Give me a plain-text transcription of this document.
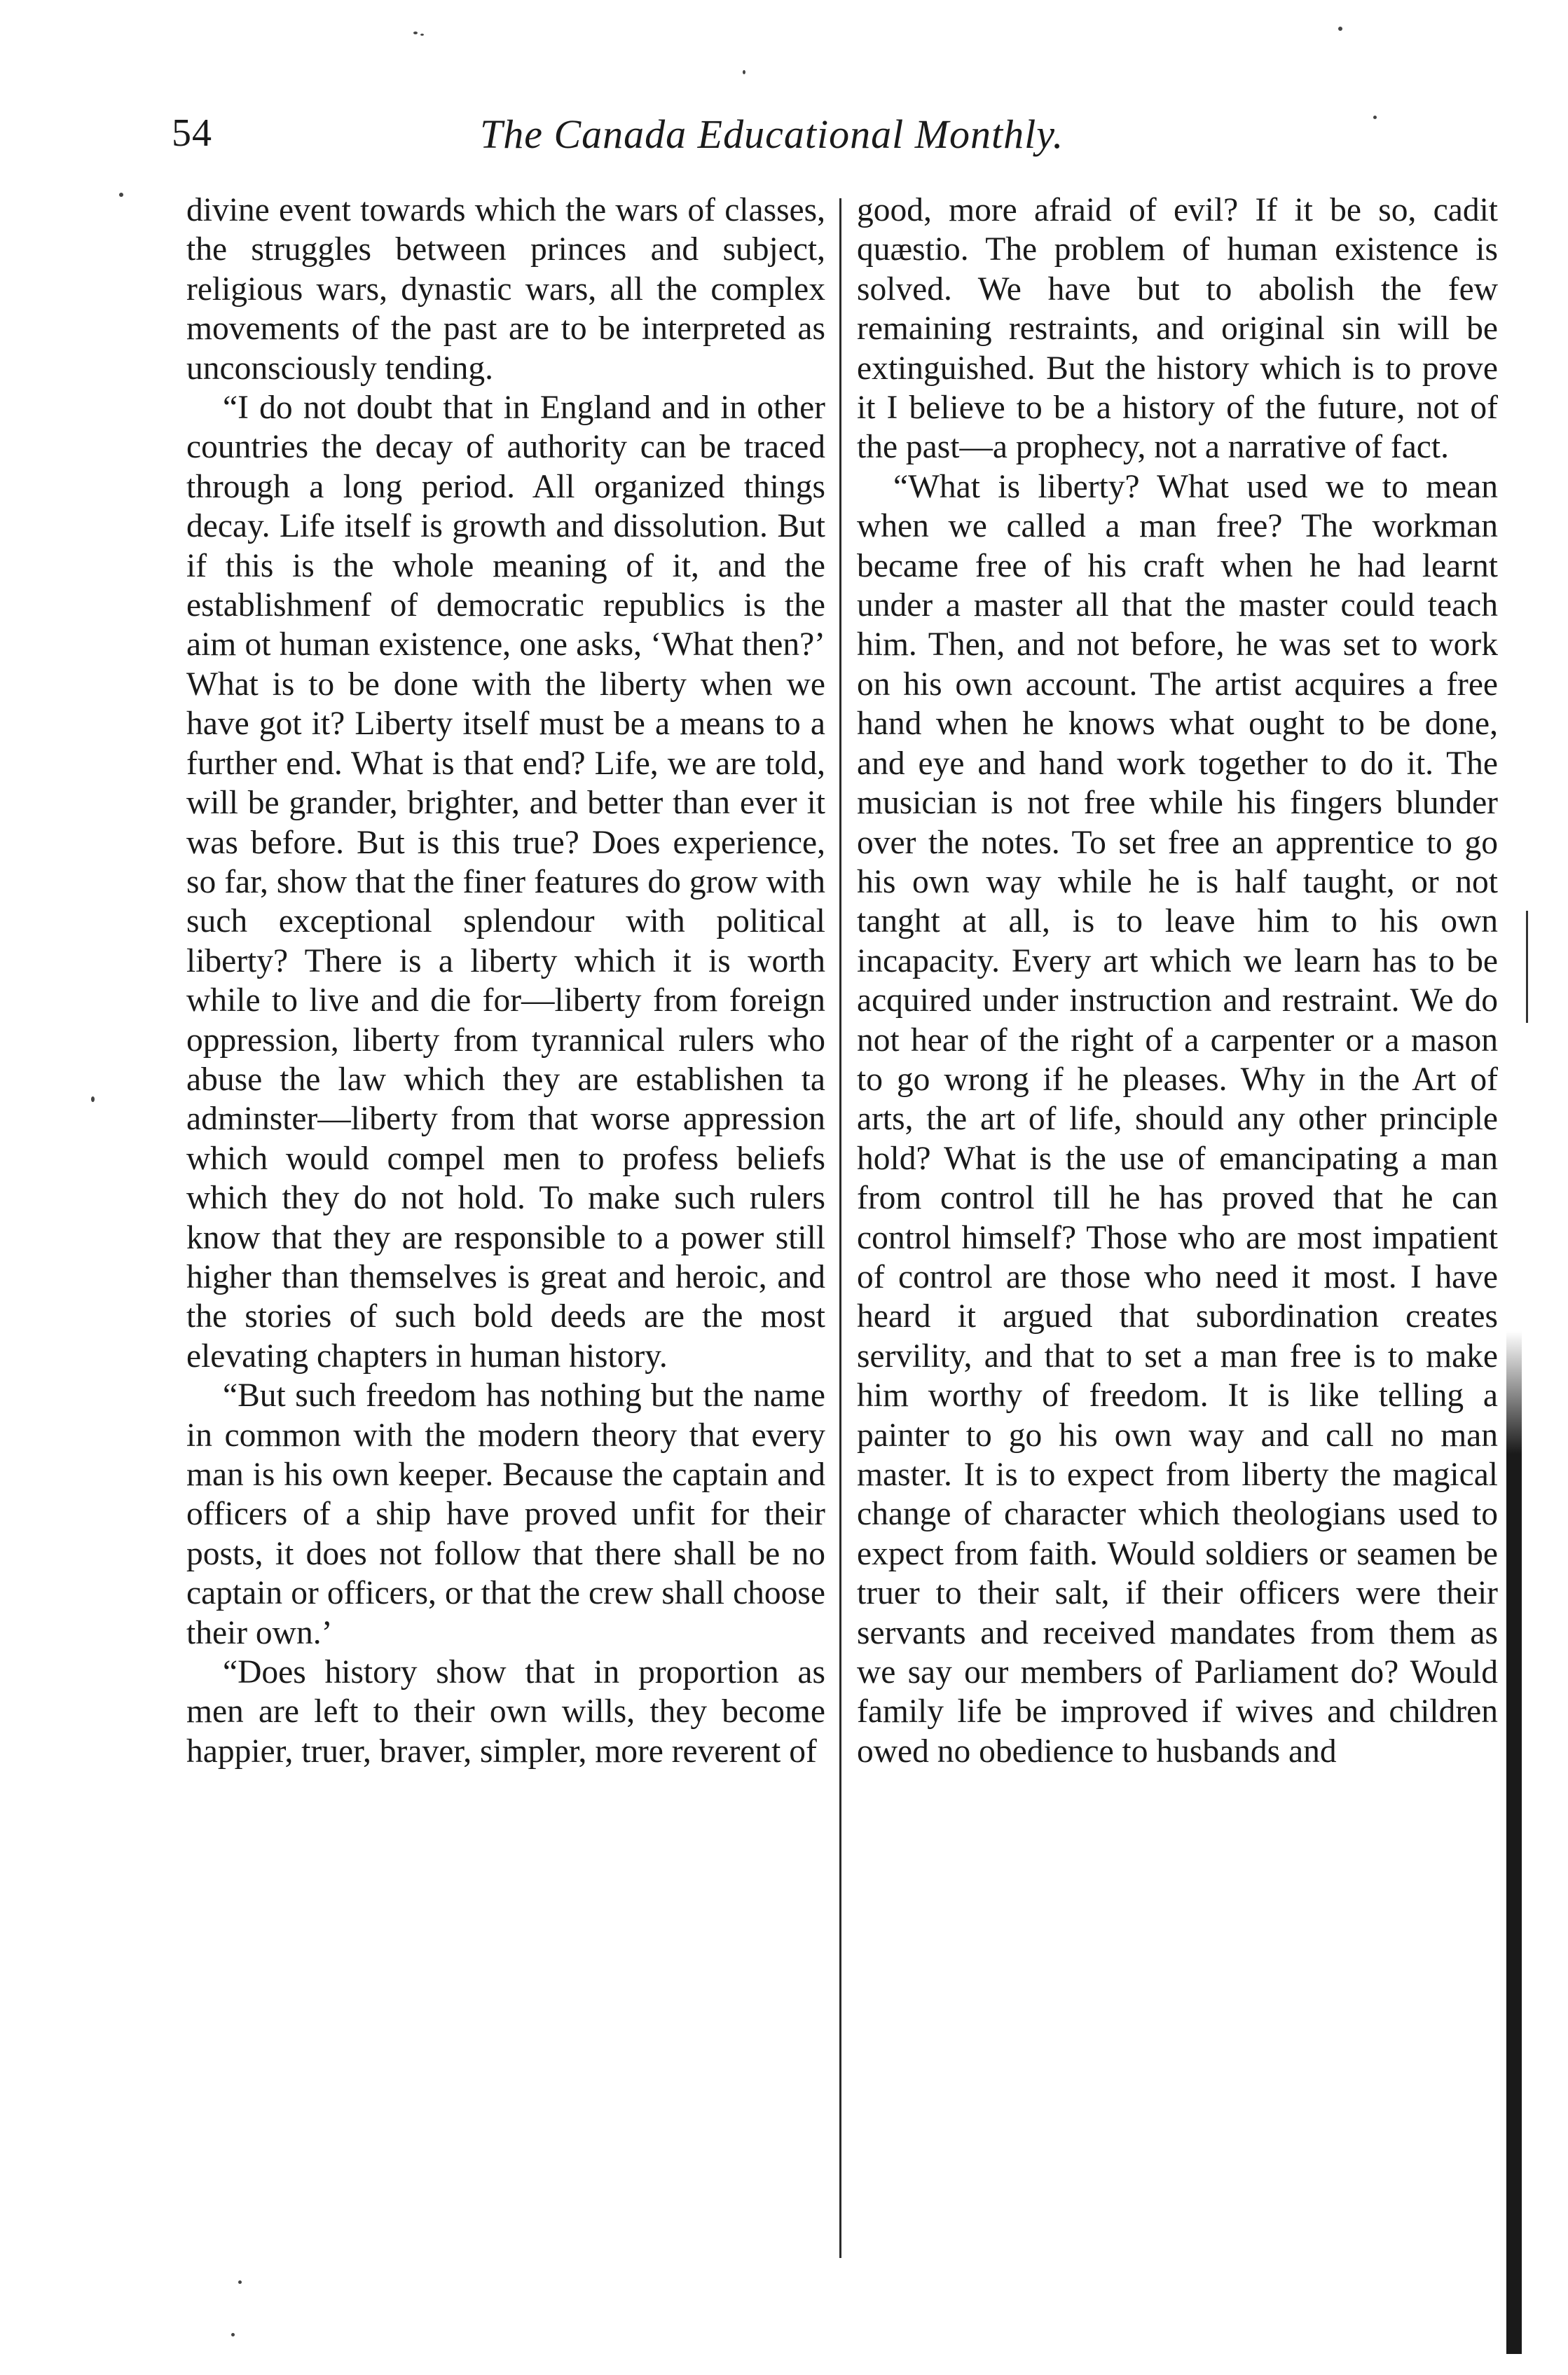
54	The Canada Educational Monthly.

divine event towards which the wars of classes, the struggles between princes and subject, religious wars, dynastic wars, all the complex movements of the past are to be interpreted as unconsciously tending.

“I do not doubt that in England and in other countries the decay of authority can be traced through a long period. All organized things decay. Life itself is growth and dissolution. But if this is the whole meaning of it, and the establishmenf of democratic republics is the aim ot human existence, one asks, ‘What then?’ What is to be done with the liberty when we have got it? Liberty itself must be a means to a further end. What is that end? Life, we are told, will be grander, brighter, and better than ever it was before. But is this true? Does experience, so far, show that the finer features do grow with such exceptional splendour with political liberty? There is a liberty which it is worth while to live and die for—liberty from foreign oppression, liberty from tyrannical rulers who abuse the law which they are establishen ta adminster—liberty from that worse appression which would compel men to profess beliefs which they do not hold. To make such rulers know that they are responsible to a power still higher than themselves is great and heroic, and the stories of such bold deeds are the most elevating chapters in human history.

“But such freedom has nothing but the name in common with the modern theory that every man is his own keeper. Because the captain and officers of a ship have proved unfit for their posts, it does not follow that there shall be no captain or officers, or that the crew shall choose their own.’

“Does history show that in proportion as men are left to their own wills, they become happier, truer, braver, simpler, more reverent of

good, more afraid of evil? If it be so, cadit quæstio. The problem of human existence is solved. We have but to abolish the few remaining restraints, and original sin will be extinguished. But the history which is to prove it I believe to be a history of the future, not of the past—a prophecy, not a narrative of fact.

“What is liberty? What used we to mean when we called a man free? The workman became free of his craft when he had learnt under a master all that the master could teach him. Then, and not before, he was set to work on his own account. The artist acquires a free hand when he knows what ought to be done, and eye and hand work together to do it. The musician is not free while his fingers blunder over the notes. To set free an apprentice to go his own way while he is half taught, or not tanght at all, is to leave him to his own incapacity. Every art which we learn has to be acquired under instruction and restraint. We do not hear of the right of a carpenter or a mason to go wrong if he pleases. Why in the Art of arts, the art of life, should any other principle hold? What is the use of emancipating a man from control till he has proved that he can control himself? Those who are most impatient of control are those who need it most. I have heard it argued that subordination creates servility, and that to set a man free is to make him worthy of freedom. It is like telling a painter to go his own way and call no man master. It is to expect from liberty the magical change of character which theologians used to expect from faith. Would soldiers or seamen be truer to their salt, if their officers were their servants and received mandates from them as we say our members of Parliament do? Would family life be improved if wives and children owed no obedience to husbands and
